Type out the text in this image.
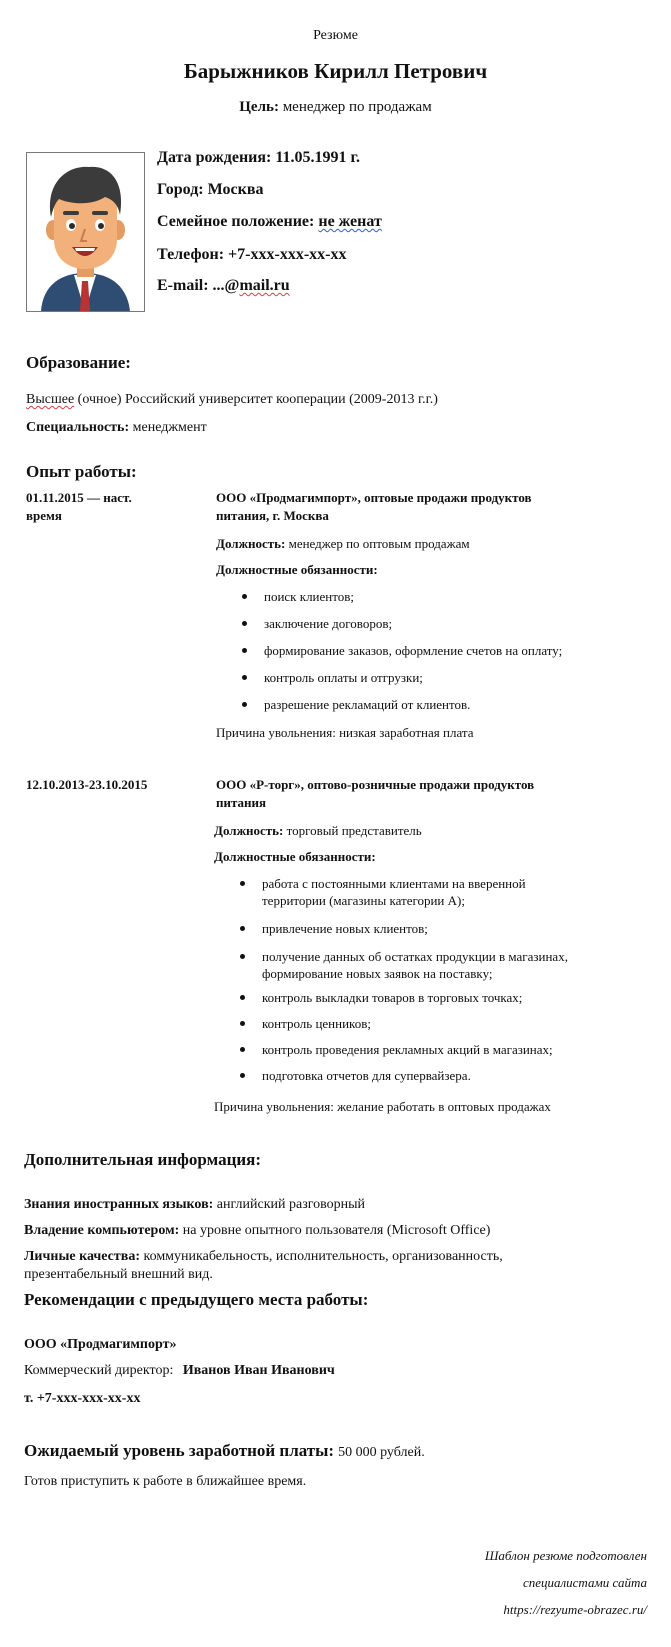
Резюме
Барыжников Кирилл Петрович
Цель: менеджер по продажам
Дата рождения: 11.05.1991 г.
Город: Москва
Семейное положение: не женат
Телефон: +7-xxx-xxx-xx-xx
E-mail: ...@mail.ru
Образование:
Высшее (очное) Российский университет кооперации (2009-2013 г.г.)
Специальность: менеджмент
Опыт работы:
01.11.2015 — наст.
время
ООО «Продмагимпорт», оптовые продажи продуктов
питания, г. Москва
Должность: менеджер по оптовым продажам
Должностные обязанности:
поиск клиентов;
заключение договоров;
формирование заказов, оформление счетов на оплату;
контроль оплаты и отгрузки;
разрешение рекламаций от клиентов.
Причина увольнения: низкая заработная плата
12.10.2013-23.10.2015	ООО «Р-торг», оптово-розничные продажи продуктов
питания
Должность: торговый представитель
Должностные обязанности:
работа с постоянными клиентами на вверенной
территории (магазины категории А);
привлечение новых клиентов;
получение данных об остатках продукции в магазинах,
формирование новых заявок на поставку;
контроль выкладки товаров в торговых точках;
контроль ценников;
контроль проведения рекламных акций в магазинах;
подготовка отчетов для супервайзера.
Причина увольнения: желание работать в оптовых продажах
Дополнительная информация:
Знания иностранных языков: английский разговорный
Владение компьютером: на уровне опытного пользователя (Microsoft Office)
Личные качества: коммуникабельность, исполнительность, организованность,
презентабельный внешний вид.
Рекомендации с предыдущего места работы:
ООО «Продмагимпорт»
Коммерческий директор: Иванов Иван Иванович
т. +7-xxx-xxx-xx-xx
Ожидаемый уровень заработной платы: 50 000 рублей.
Готов приступить к работе в ближайшее время.
Шаблон резюме подготовлен
специалистами сайта
https://rezyume-obrazec.ru/
